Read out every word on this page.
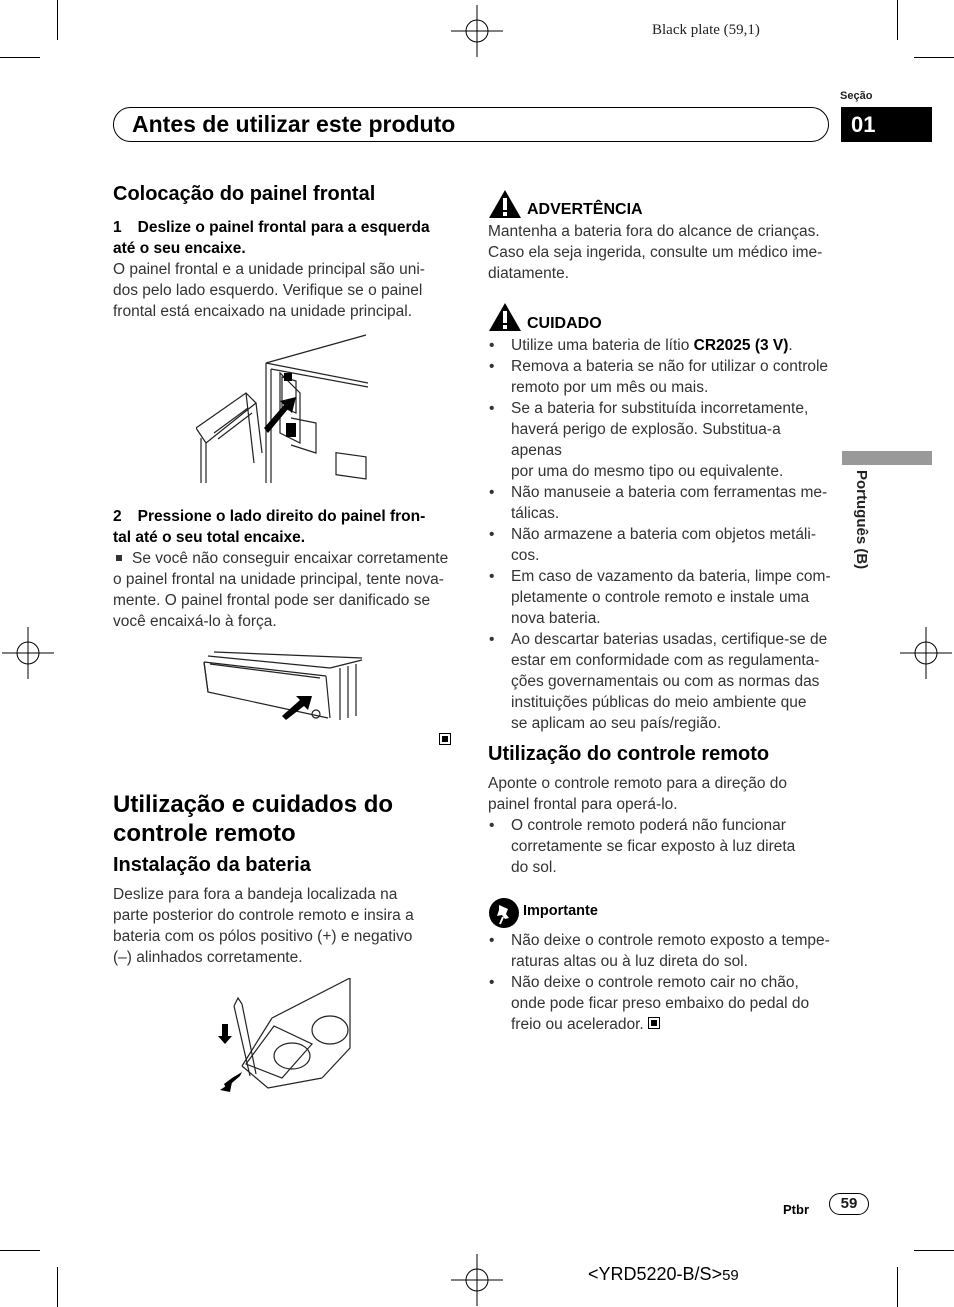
Black plate (59,1)
Seção
01
Antes de utilizar este produto
Português (B)
Colocação do painel frontal
1 Deslize o painel frontal para a esquerda
até o seu encaixe.
O painel frontal e a unidade principal são uni-
dos pelo lado esquerdo. Verifique se o painel
frontal está encaixado na unidade principal.
2 Pressione o lado direito do painel fron-
tal até o seu total encaixe.
Se você não conseguir encaixar corretamente
o painel frontal na unidade principal, tente nova-
mente. O painel frontal pode ser danificado se
você encaixá-lo à força.
Utilização e cuidados do
controle remoto
Instalação da bateria
Deslize para fora a bandeja localizada na
parte posterior do controle remoto e insira a
bateria com os pólos positivo (+) e negativo
(–) alinhados corretamente.
ADVERTÊNCIA
Mantenha a bateria fora do alcance de crianças.
Caso ela seja ingerida, consulte um médico ime-
diatamente.
CUIDADO

• Utilize uma bateria de lítio CR2025 (3 V).

• Remova a bateria se não for utilizar o controle
remoto por um mês ou mais.

• Se a bateria for substituída incorretamente,
haverá perigo de explosão. Substitua-a apenas
por uma do mesmo tipo ou equivalente.

• Não manuseie a bateria com ferramentas me-
tálicas.

• Não armazene a bateria com objetos metáli-
cos.

• Em caso de vazamento da bateria, limpe com-
pletamente o controle remoto e instale uma
nova bateria.

• Ao descartar baterias usadas, certifique-se de
estar em conformidade com as regulamenta-
ções governamentais ou com as normas das
instituições públicas do meio ambiente que
se aplicam ao seu país/região.

Utilização do controle remoto
Aponte o controle remoto para a direção do
painel frontal para operá-lo.

• O controle remoto poderá não funcionar
corretamente se ficar exposto à luz direta
do sol.

Importante

• Não deixe o controle remoto exposto a tempe-
raturas altas ou à luz direta do sol.

• Não deixe o controle remoto cair no chão,
onde pode ficar preso embaixo do pedal do
freio ou acelerador.

Ptbr	59
<YRD5220-B/S>59
